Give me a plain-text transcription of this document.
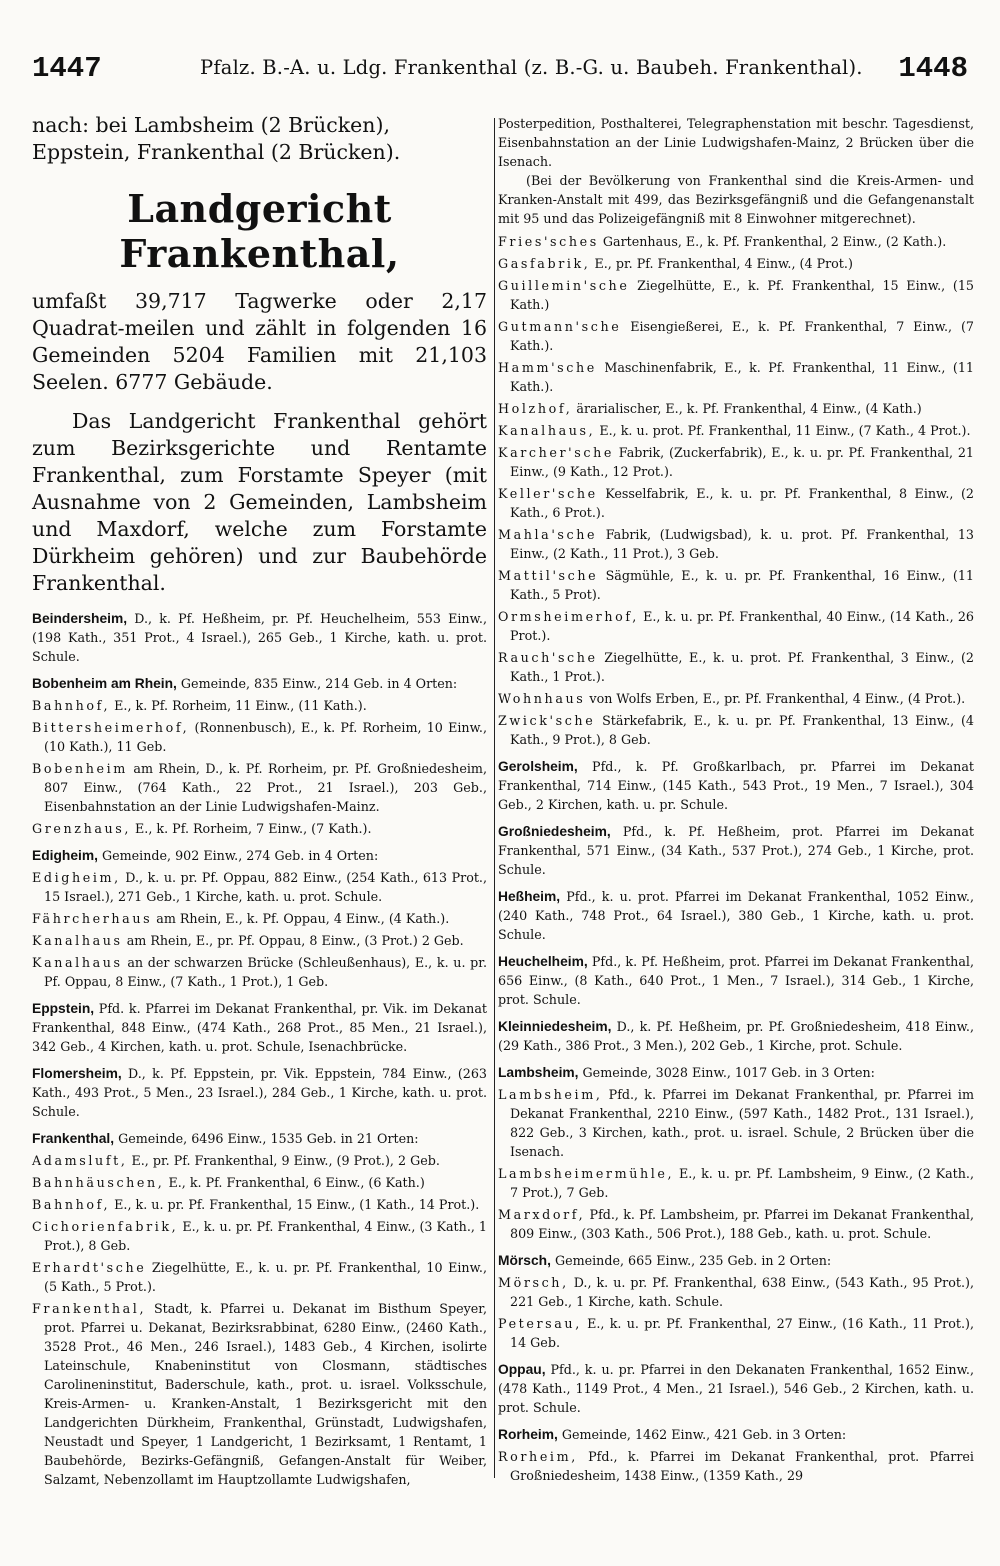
1447	Pfalz. B.-A. u. Ldg. Frankenthal (z. B.-G. u. Baubeh. Frankenthal). 1448

nach: bei Lambsheim (2 Brücken), Eppstein, Frankenthal (2 Brücken).

Landgericht Frankenthal,

umfaßt 39,717 Tagwerke oder 2,17 Quadrat-meilen und zählt in folgenden 16 Gemeinden 5204 Familien mit 21,103 Seelen. 6777 Gebäude.

Das Landgericht Frankenthal gehört zum Bezirksgerichte und Rentamte Frankenthal, zum Forstamte Speyer (mit Ausnahme von 2 Gemeinden, Lambsheim und Maxdorf, welche zum Forstamte Dürkheim gehören) und zur Baubehörde Frankenthal.

Beindersheim, D., k. Pf. Heßheim, pr. Pf. Heuchelheim, 553 Einw., (198 Kath., 351 Prot., 4 Israel.), 265 Geb., 1 Kirche, kath. u. prot. Schule.

Bobenheim am Rhein, Gemeinde, 835 Einw., 214 Geb. in 4 Orten:

Bahnhof, E., k. Pf. Rorheim, 11 Einw., (11 Kath.).

Bittersheimerhof, (Ronnenbusch), E., k. Pf. Rorheim, 10 Einw., (10 Kath.), 11 Geb.

Bobenheim am Rhein, D., k. Pf. Rorheim, pr. Pf. Großniedesheim, 807 Einw., (764 Kath., 22 Prot., 21 Israel.), 203 Geb., Eisenbahnstation an der Linie Ludwigshafen-Mainz.

Grenzhaus, E., k. Pf. Rorheim, 7 Einw., (7 Kath.).

Edigheim, Gemeinde, 902 Einw., 274 Geb. in 4 Orten:

Edigheim, D., k. u. pr. Pf. Oppau, 882 Einw., (254 Kath., 613 Prot., 15 Israel.), 271 Geb., 1 Kirche, kath. u. prot. Schule.

Fährcherhaus am Rhein, E., k. Pf. Oppau, 4 Einw., (4 Kath.).

Kanalhaus am Rhein, E., pr. Pf. Oppau, 8 Einw., (3 Prot.) 2 Geb.

Kanalhaus an der schwarzen Brücke (Schleußenhaus), E., k. u. pr. Pf. Oppau, 8 Einw., (7 Kath., 1 Prot.), 1 Geb.

Eppstein, Pfd. k. Pfarrei im Dekanat Frankenthal, pr. Vik. im Dekanat Frankenthal, 848 Einw., (474 Kath., 268 Prot., 85 Men., 21 Israel.), 342 Geb., 4 Kirchen, kath. u. prot. Schule, Isenachbrücke.

Flomersheim, D., k. Pf. Eppstein, pr. Vik. Eppstein, 784 Einw., (263 Kath., 493 Prot., 5 Men., 23 Israel.), 284 Geb., 1 Kirche, kath. u. prot. Schule.

Frankenthal, Gemeinde, 6496 Einw., 1535 Geb. in 21 Orten:

Adamsluft, E., pr. Pf. Frankenthal, 9 Einw., (9 Prot.), 2 Geb.

Bahnhäuschen, E., k. Pf. Frankenthal, 6 Einw., (6 Kath.)

Bahnhof, E., k. u. pr. Pf. Frankenthal, 15 Einw., (1 Kath., 14 Prot.).

Cichorienfabrik, E., k. u. pr. Pf. Frankenthal, 4 Einw., (3 Kath., 1 Prot.), 8 Geb.

Erhardt'sche Ziegelhütte, E., k. u. pr. Pf. Frankenthal, 10 Einw., (5 Kath., 5 Prot.).

Frankenthal, Stadt, k. Pfarrei u. Dekanat im Bisthum Speyer, prot. Pfarrei u. Dekanat, Bezirksrabbinat, 6280 Einw., (2460 Kath., 3528 Prot., 46 Men., 246 Israel.), 1483 Geb., 4 Kirchen, isolirte Lateinschule, Knabeninstitut von Closmann, städtisches Carolineninstitut, Baderschule, kath., prot. u. israel. Volksschule, Kreis-Armen- u. Kranken-Anstalt, 1 Bezirksgericht mit den Landgerichten Dürkheim, Frankenthal, Grünstadt, Ludwigshafen, Neustadt und Speyer, 1 Landgericht, 1 Bezirksamt, 1 Rentamt, 1 Baubehörde, Bezirks-Gefängniß, Gefangen-Anstalt für Weiber, Salzamt, Nebenzollamt im Hauptzollamte Ludwigshafen,

Posterpedition, Posthalterei, Telegraphenstation mit beschr. Tagesdienst, Eisenbahnstation an der Linie Ludwigshafen-Mainz, 2 Brücken über die Isenach.

(Bei der Bevölkerung von Frankenthal sind die Kreis-Armen- und Kranken-Anstalt mit 499, das Bezirksgefängniß und die Gefangenanstalt mit 95 und das Polizeigefängniß mit 8 Einwohner mitgerechnet).

Fries'sches Gartenhaus, E., k. Pf. Frankenthal, 2 Einw., (2 Kath.).

Gasfabrik, E., pr. Pf. Frankenthal, 4 Einw., (4 Prot.)

Guillemin'sche Ziegelhütte, E., k. Pf. Frankenthal, 15 Einw., (15 Kath.)

Gutmann'sche Eisengießerei, E., k. Pf. Frankenthal, 7 Einw., (7 Kath.).

Hamm'sche Maschinenfabrik, E., k. Pf. Frankenthal, 11 Einw., (11 Kath.).

Holzhof, ärarialischer, E., k. Pf. Frankenthal, 4 Einw., (4 Kath.)

Kanalhaus, E., k. u. prot. Pf. Frankenthal, 11 Einw., (7 Kath., 4 Prot.).

Karcher'sche Fabrik, (Zuckerfabrik), E., k. u. pr. Pf. Frankenthal, 21 Einw., (9 Kath., 12 Prot.).

Keller'sche Kesselfabrik, E., k. u. pr. Pf. Frankenthal, 8 Einw., (2 Kath., 6 Prot.).

Mahla'sche Fabrik, (Ludwigsbad), k. u. prot. Pf. Frankenthal, 13 Einw., (2 Kath., 11 Prot.), 3 Geb.

Mattil'sche Sägmühle, E., k. u. pr. Pf. Frankenthal, 16 Einw., (11 Kath., 5 Prot).

Ormsheimerhof, E., k. u. pr. Pf. Frankenthal, 40 Einw., (14 Kath., 26 Prot.).

Rauch'sche Ziegelhütte, E., k. u. prot. Pf. Frankenthal, 3 Einw., (2 Kath., 1 Prot.).

Wohnhaus von Wolfs Erben, E., pr. Pf. Frankenthal, 4 Einw., (4 Prot.).

Zwick'sche Stärkefabrik, E., k. u. pr. Pf. Frankenthal, 13 Einw., (4 Kath., 9 Prot.), 8 Geb.

Gerolsheim, Pfd., k. Pf. Großkarlbach, pr. Pfarrei im Dekanat Frankenthal, 714 Einw., (145 Kath., 543 Prot., 19 Men., 7 Israel.), 304 Geb., 2 Kirchen, kath. u. pr. Schule.

Großniedesheim, Pfd., k. Pf. Heßheim, prot. Pfarrei im Dekanat Frankenthal, 571 Einw., (34 Kath., 537 Prot.), 274 Geb., 1 Kirche, prot. Schule.

Heßheim, Pfd., k. u. prot. Pfarrei im Dekanat Frankenthal, 1052 Einw., (240 Kath., 748 Prot., 64 Israel.), 380 Geb., 1 Kirche, kath. u. prot. Schule.

Heuchelheim, Pfd., k. Pf. Heßheim, prot. Pfarrei im Dekanat Frankenthal, 656 Einw., (8 Kath., 640 Prot., 1 Men., 7 Israel.), 314 Geb., 1 Kirche, prot. Schule.

Kleinniedesheim, D., k. Pf. Heßheim, pr. Pf. Großniedesheim, 418 Einw., (29 Kath., 386 Prot., 3 Men.), 202 Geb., 1 Kirche, prot. Schule.

Lambsheim, Gemeinde, 3028 Einw., 1017 Geb. in 3 Orten:

Lambsheim, Pfd., k. Pfarrei im Dekanat Frankenthal, pr. Pfarrei im Dekanat Frankenthal, 2210 Einw., (597 Kath., 1482 Prot., 131 Israel.), 822 Geb., 3 Kirchen, kath., prot. u. israel. Schule, 2 Brücken über die Isenach.

Lambsheimermühle, E., k. u. pr. Pf. Lambsheim, 9 Einw., (2 Kath., 7 Prot.), 7 Geb.

Marxdorf, Pfd., k. Pf. Lambsheim, pr. Pfarrei im Dekanat Frankenthal, 809 Einw., (303 Kath., 506 Prot.), 188 Geb., kath. u. prot. Schule.

Mörsch, Gemeinde, 665 Einw., 235 Geb. in 2 Orten:

Mörsch, D., k. u. pr. Pf. Frankenthal, 638 Einw., (543 Kath., 95 Prot.), 221 Geb., 1 Kirche, kath. Schule.

Petersau, E., k. u. pr. Pf. Frankenthal, 27 Einw., (16 Kath., 11 Prot.), 14 Geb.

Oppau, Pfd., k. u. pr. Pfarrei in den Dekanaten Frankenthal, 1652 Einw., (478 Kath., 1149 Prot., 4 Men., 21 Israel.), 546 Geb., 2 Kirchen, kath. u. prot. Schule.

Rorheim, Gemeinde, 1462 Einw., 421 Geb. in 3 Orten:

Rorheim, Pfd., k. Pfarrei im Dekanat Frankenthal, prot. Pfarrei Großniedesheim, 1438 Einw., (1359 Kath., 29
